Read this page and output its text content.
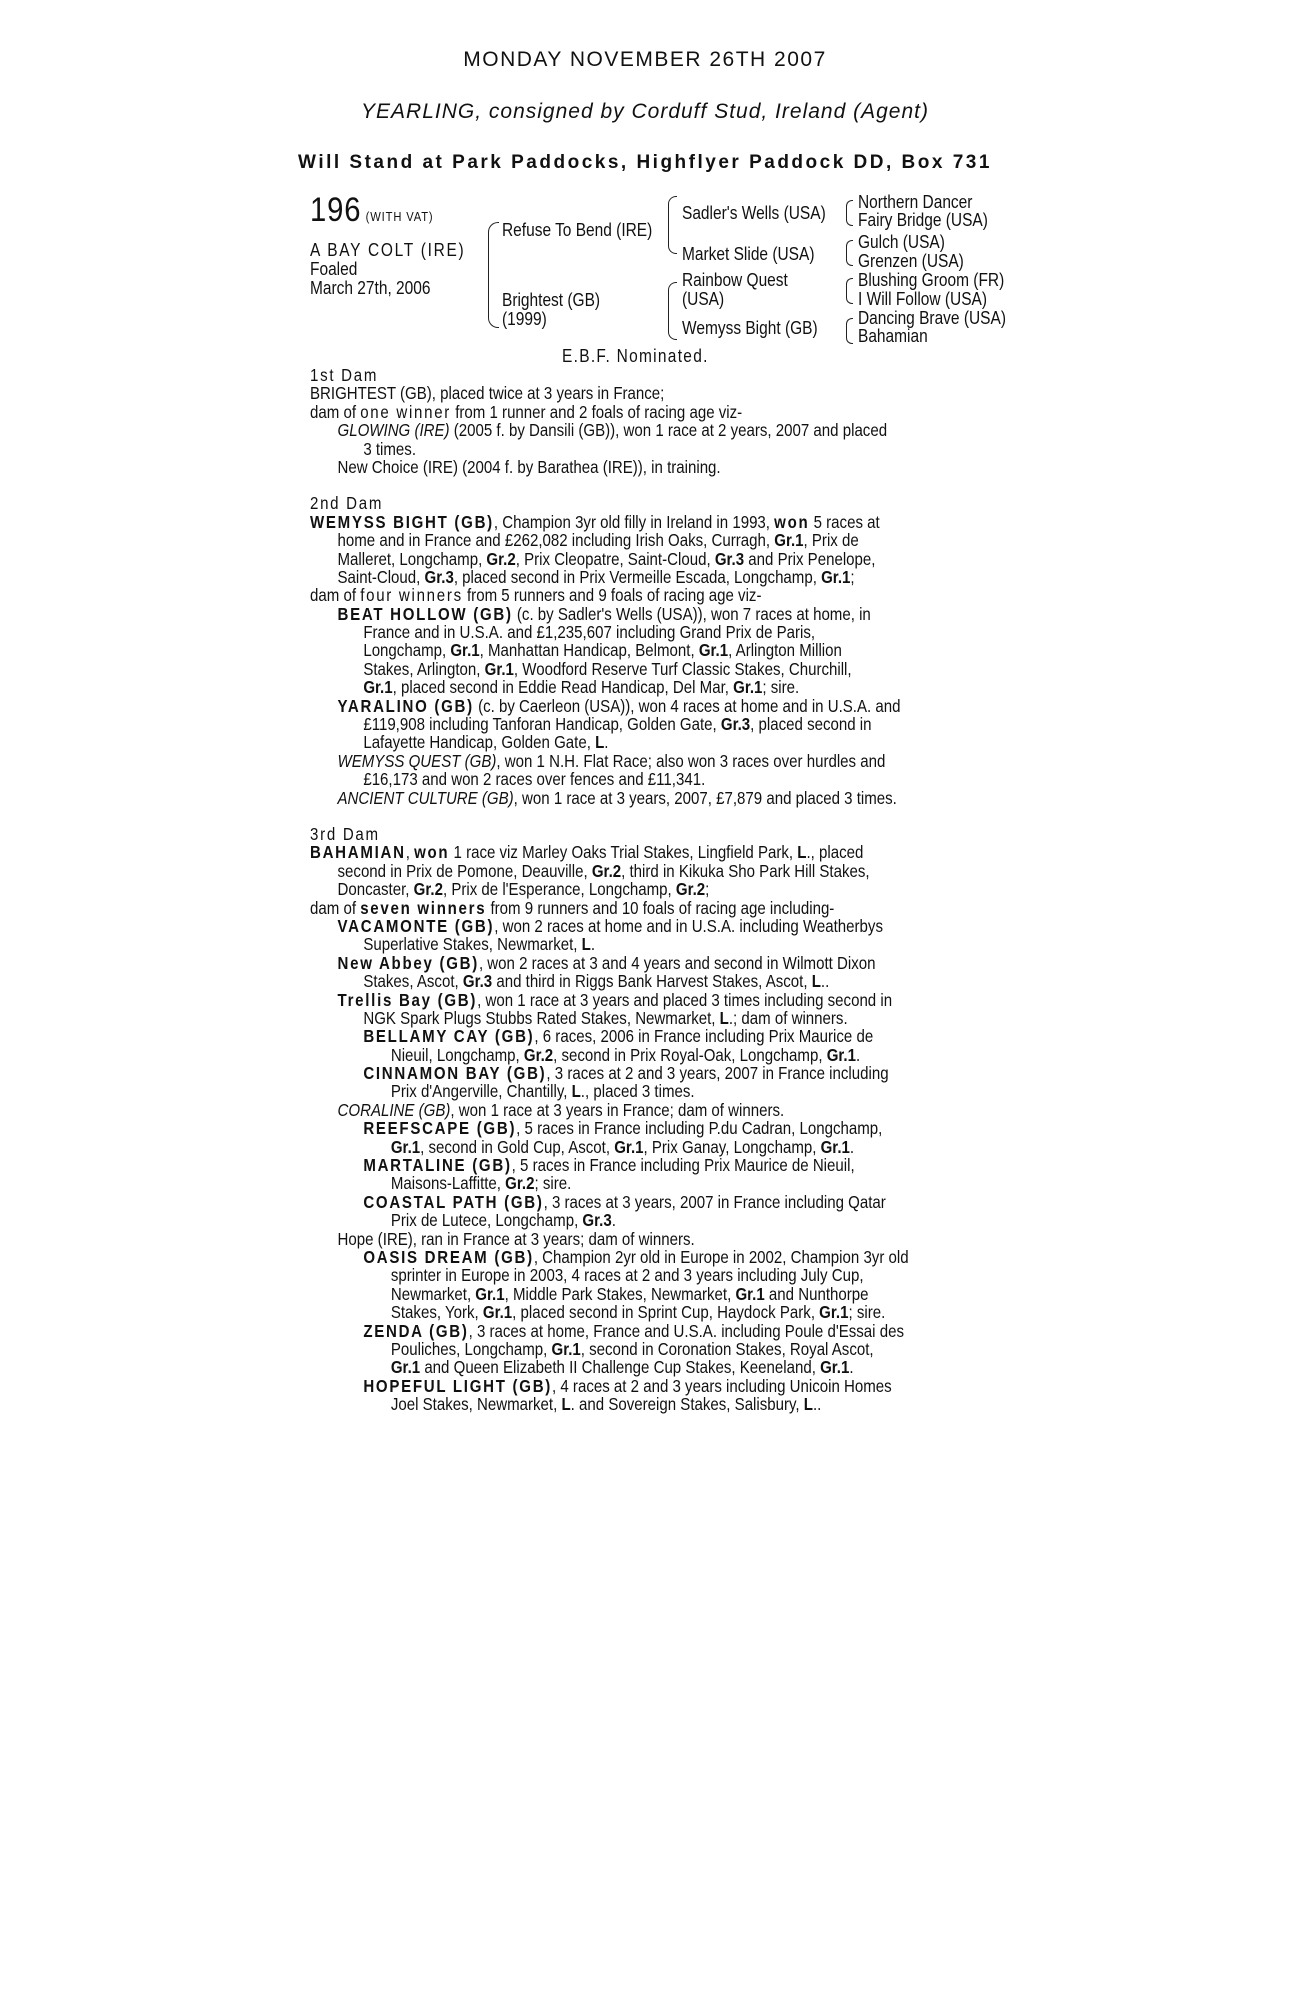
MONDAY NOVEMBER 26TH 2007
YEARLING, consigned by Corduff Stud, Ireland (Agent)
Will Stand at Park Paddocks, Highflyer Paddock DD, Box 731
196 (WITH VAT)
A BAY COLT (IRE)
Foaled
March 27th, 2006
Refuse To Bend (IRE)
Brightest (GB)
(1999)
Sadler's Wells (USA)
Market Slide (USA)
Rainbow Quest
(USA)
Wemyss Bight (GB)
Northern Dancer
Fairy Bridge (USA)
Gulch (USA)
Grenzen (USA)
Blushing Groom (FR)
I Will Follow (USA)
Dancing Brave (USA)
Bahamian
E.B.F. Nominated.
1st Dam
BRIGHTEST (GB), placed twice at 3 years in France;
dam of one winner from 1 runner and 2 foals of racing age viz-
GLOWING (IRE) (2005 f. by Dansili (GB)), won 1 race at 2 years, 2007 and placed
3 times.
New Choice (IRE) (2004 f. by Barathea (IRE)), in training.
2nd Dam
WEMYSS BIGHT (GB), Champion 3yr old filly in Ireland in 1993, won 5 races at
home and in France and £262,082 including Irish Oaks, Curragh, Gr.1, Prix de
Malleret, Longchamp, Gr.2, Prix Cleopatre, Saint-Cloud, Gr.3 and Prix Penelope,
Saint-Cloud, Gr.3, placed second in Prix Vermeille Escada, Longchamp, Gr.1;
dam of four winners from 5 runners and 9 foals of racing age viz-
BEAT HOLLOW (GB) (c. by Sadler's Wells (USA)), won 7 races at home, in
France and in U.S.A. and £1,235,607 including Grand Prix de Paris,
Longchamp, Gr.1, Manhattan Handicap, Belmont, Gr.1, Arlington Million
Stakes, Arlington, Gr.1, Woodford Reserve Turf Classic Stakes, Churchill,
Gr.1, placed second in Eddie Read Handicap, Del Mar, Gr.1; sire.
YARALINO (GB) (c. by Caerleon (USA)), won 4 races at home and in U.S.A. and
£119,908 including Tanforan Handicap, Golden Gate, Gr.3, placed second in
Lafayette Handicap, Golden Gate, L.
WEMYSS QUEST (GB), won 1 N.H. Flat Race; also won 3 races over hurdles and
£16,173 and won 2 races over fences and £11,341.
ANCIENT CULTURE (GB), won 1 race at 3 years, 2007, £7,879 and placed 3 times.
3rd Dam
BAHAMIAN, won 1 race viz Marley Oaks Trial Stakes, Lingfield Park, L., placed
second in Prix de Pomone, Deauville, Gr.2, third in Kikuka Sho Park Hill Stakes,
Doncaster, Gr.2, Prix de l'Esperance, Longchamp, Gr.2;
dam of seven winners from 9 runners and 10 foals of racing age including-
VACAMONTE (GB), won 2 races at home and in U.S.A. including Weatherbys
Superlative Stakes, Newmarket, L.
New Abbey (GB), won 2 races at 3 and 4 years and second in Wilmott Dixon
Stakes, Ascot, Gr.3 and third in Riggs Bank Harvest Stakes, Ascot, L..
Trellis Bay (GB), won 1 race at 3 years and placed 3 times including second in
NGK Spark Plugs Stubbs Rated Stakes, Newmarket, L.; dam of winners.
BELLAMY CAY (GB), 6 races, 2006 in France including Prix Maurice de
Nieuil, Longchamp, Gr.2, second in Prix Royal-Oak, Longchamp, Gr.1.
CINNAMON BAY (GB), 3 races at 2 and 3 years, 2007 in France including
Prix d'Angerville, Chantilly, L., placed 3 times.
CORALINE (GB), won 1 race at 3 years in France; dam of winners.
REEFSCAPE (GB), 5 races in France including P.du Cadran, Longchamp,
Gr.1, second in Gold Cup, Ascot, Gr.1, Prix Ganay, Longchamp, Gr.1.
MARTALINE (GB), 5 races in France including Prix Maurice de Nieuil,
Maisons-Laffitte, Gr.2; sire.
COASTAL PATH (GB), 3 races at 3 years, 2007 in France including Qatar
Prix de Lutece, Longchamp, Gr.3.
Hope (IRE), ran in France at 3 years; dam of winners.
OASIS DREAM (GB), Champion 2yr old in Europe in 2002, Champion 3yr old
sprinter in Europe in 2003, 4 races at 2 and 3 years including July Cup,
Newmarket, Gr.1, Middle Park Stakes, Newmarket, Gr.1 and Nunthorpe
Stakes, York, Gr.1, placed second in Sprint Cup, Haydock Park, Gr.1; sire.
ZENDA (GB), 3 races at home, France and U.S.A. including Poule d'Essai des
Pouliches, Longchamp, Gr.1, second in Coronation Stakes, Royal Ascot,
Gr.1 and Queen Elizabeth II Challenge Cup Stakes, Keeneland, Gr.1.
HOPEFUL LIGHT (GB), 4 races at 2 and 3 years including Unicoin Homes
Joel Stakes, Newmarket, L. and Sovereign Stakes, Salisbury, L..
